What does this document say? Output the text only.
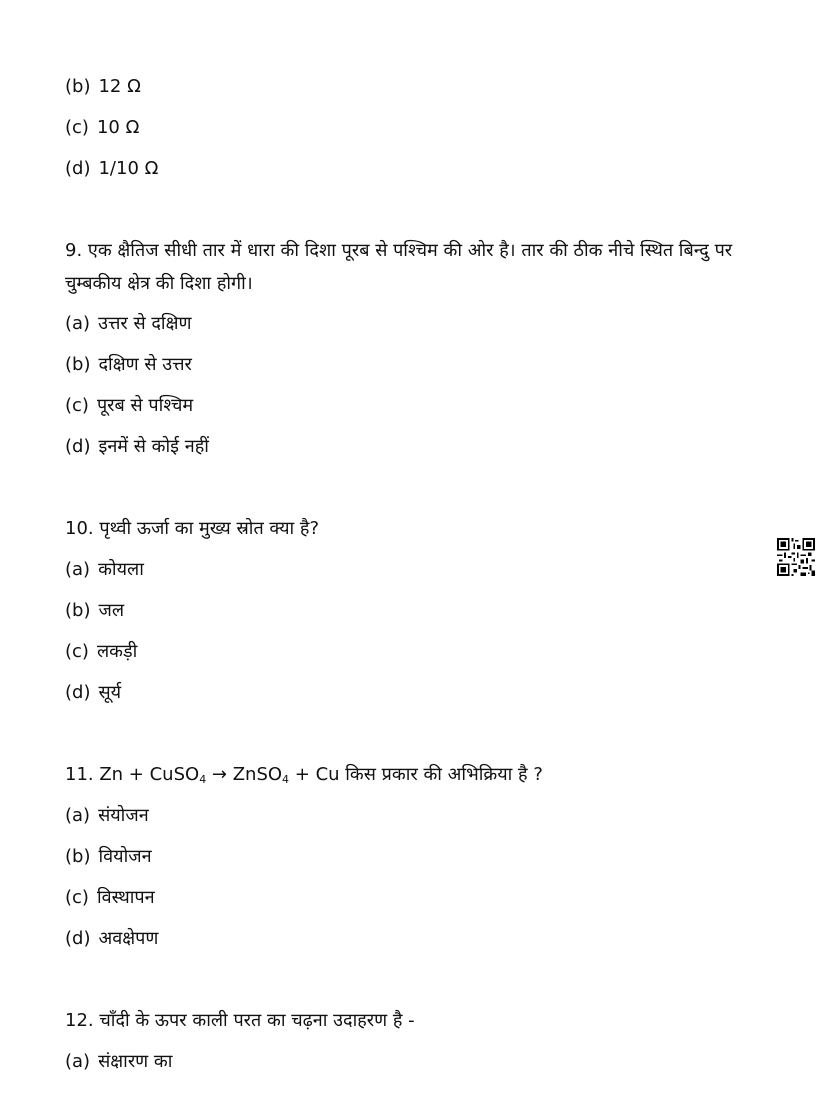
(b) 12 Ω
(c) 10 Ω
(d) 1/10 Ω
9. एक क्षैतिज सीधी तार में धारा की दिशा पूरब से पश्चिम की ओर है। तार की ठीक नीचे स्थित बिन्दु पर चुम्बकीय क्षेत्र की दिशा होगी।
(a) उत्तर से दक्षिण
(b) दक्षिण से उत्तर
(c) पूरब से पश्चिम
(d) इनमें से कोई नहीं
10. पृथ्वी ऊर्जा का मुख्य स्रोत क्या है?
(a) कोयला
(b) जल
(c) लकड़ी
(d) सूर्य
11. Zn + CuSO$_4$ → ZnSO$_4$ + Cu किस प्रकार की अभिक्रिया है ?
(a) संयोजन
(b) वियोजन
(c) विस्थापन
(d) अवक्षेपण
12. चाँदी के ऊपर काली परत का चढ़ना उदाहरण है -
(a) संक्षारण का
